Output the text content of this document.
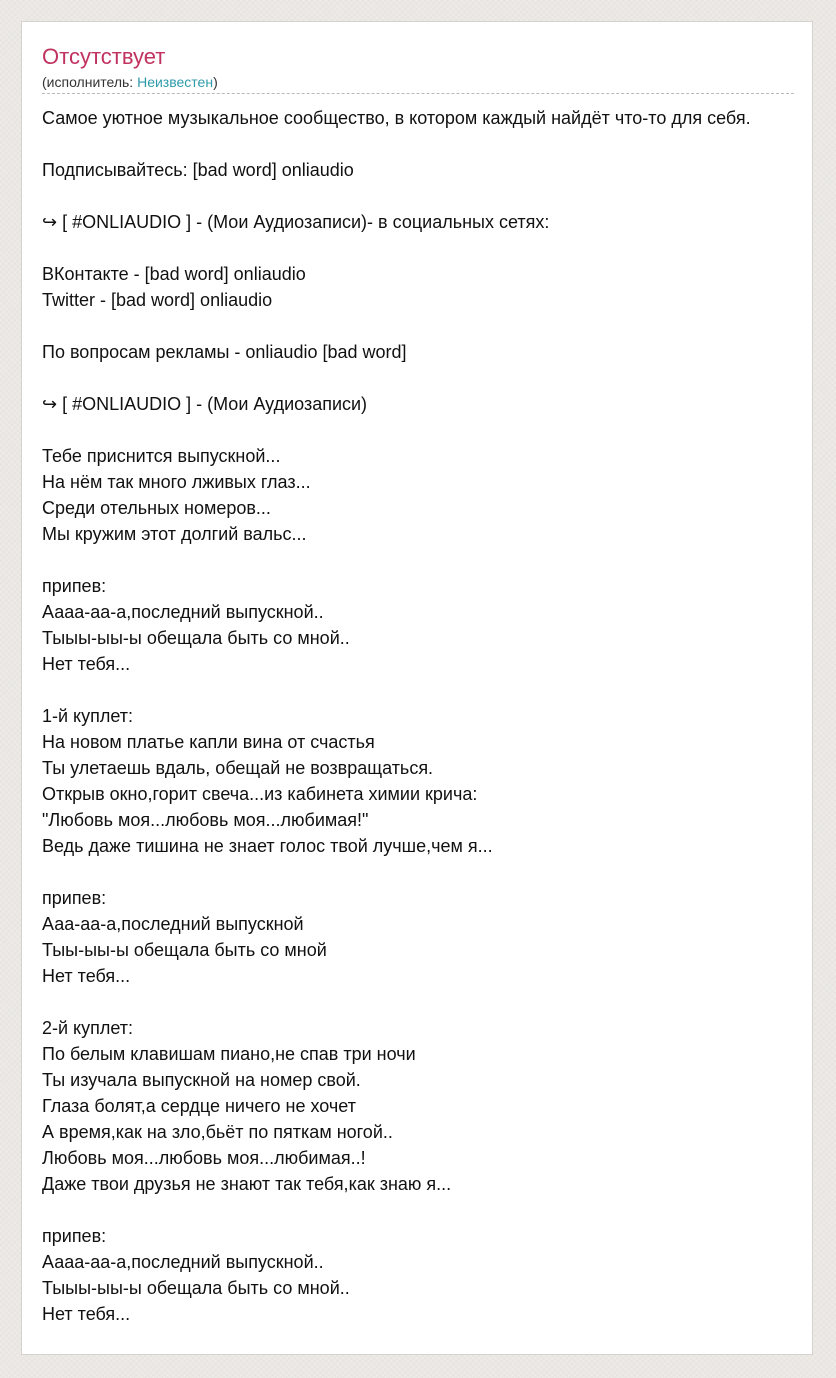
Отсутствует
(исполнитель: Неизвестен)
Самое уютное музыкальное сообщество, в котором каждый найдёт что-то для себя.
Подписывайтесь: [bad word] onliaudio
↪ [ #ONLIAUDIO ] - (Мои Аудиозаписи)- в социальных сетях:
ВКонтакте - [bad word] onliaudio
Twitter - [bad word] onliaudio
По вопросам рекламы - onliaudio [bad word]
↪ [ #ONLIAUDIO ] - (Мои Аудиозаписи)
Тебе приснится выпускной...
На нём так много лживых глаз...
Среди отельных номеров...
Мы кружим этот долгий вальс...
припев:
Аааа-аа-а,последний выпускной..
Тыыы-ыы-ы обещала быть со мной..
Нет тебя...
1-й куплет:
На новом платье капли вина от счастья
Ты улетаешь вдаль, обещай не возвращаться.
Открыв окно,горит свеча...из кабинета химии крича:
"Любовь моя...любовь моя...любимая!"
Ведь даже тишина не знает голос твой лучше,чем я...
припев:
Ааа-аа-а,последний выпускной
Тыы-ыы-ы обещала быть со мной
Нет тебя...
2-й куплет:
По белым клавишам пиано,не спав три ночи
Ты изучала выпускной на номер свой.
Глаза болят,а сердце ничего не хочет
А время,как на зло,бьёт по пяткам ногой..
Любовь моя...любовь моя...любимая..!
Даже твои друзья не знают так тебя,как знаю я...
припев:
Аааа-аа-а,последний выпускной..
Тыыы-ыы-ы обещала быть со мной..
Нет тебя...
